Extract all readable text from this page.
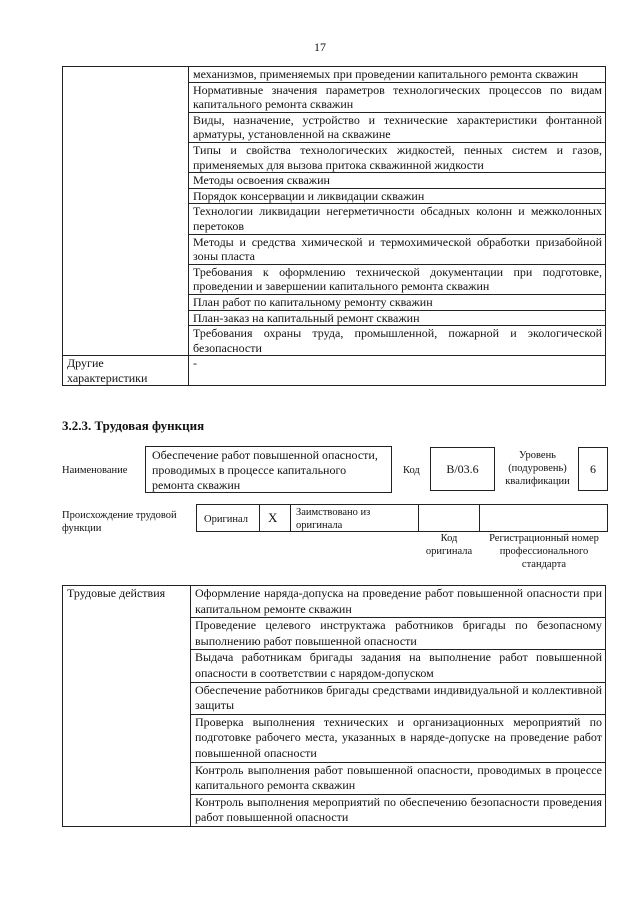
17
	механизмов, применяемых при проведении капитального ремонта скважин
	Нормативные значения параметров технологических процессов по видам капитального ремонта скважин
	Виды, назначение, устройство и технические характеристики фонтанной арматуры, установленной на скважине
	Типы и свойства технологических жидкостей, пенных систем и газов, применяемых для вызова притока скважинной жидкости
	Методы освоения скважин
	Порядок консервации и ликвидации скважин
	Технологии ликвидации негерметичности обсадных колонн и межколонных перетоков
	Методы и средства химической и термохимической обработки призабойной зоны пласта
	Требования к оформлению технической документации при подготовке, проведении и завершении капитального ремонта скважин
	План работ по капитальному ремонту скважин
	План-заказ на капитальный ремонт скважин
	Требования охраны труда, промышленной, пожарной и экологической безопасности
Другие характеристики	-
3.2.3. Трудовая функция
Наименование
Обеспечение работ повышенной опасности, проводимых в процессе капитального ремонта скважин
Код	B/03.6
Уровень (подуровень) квалификации
6
Происхождение трудовой функции
Оригинал X Заимствовано из оригинала
Код оригинала
Регистрационный номер профессионального стандарта
Трудовые действия	Оформление наряда-допуска на проведение работ повышенной опасности при капитальном ремонте скважин
Проведение целевого инструктажа работников бригады по безопасному выполнению работ повышенной опасности
Выдача работникам бригады задания на выполнение работ повышенной опасности в соответствии с нарядом-допуском
Обеспечение работников бригады средствами индивидуальной и коллективной защиты
Проверка выполнения технических и организационных мероприятий по подготовке рабочего места, указанных в наряде-допуске на проведение работ повышенной опасности
Контроль выполнения работ повышенной опасности, проводимых в процессе капитального ремонта скважин
Контроль выполнения мероприятий по обеспечению безопасности проведения работ повышенной опасности
